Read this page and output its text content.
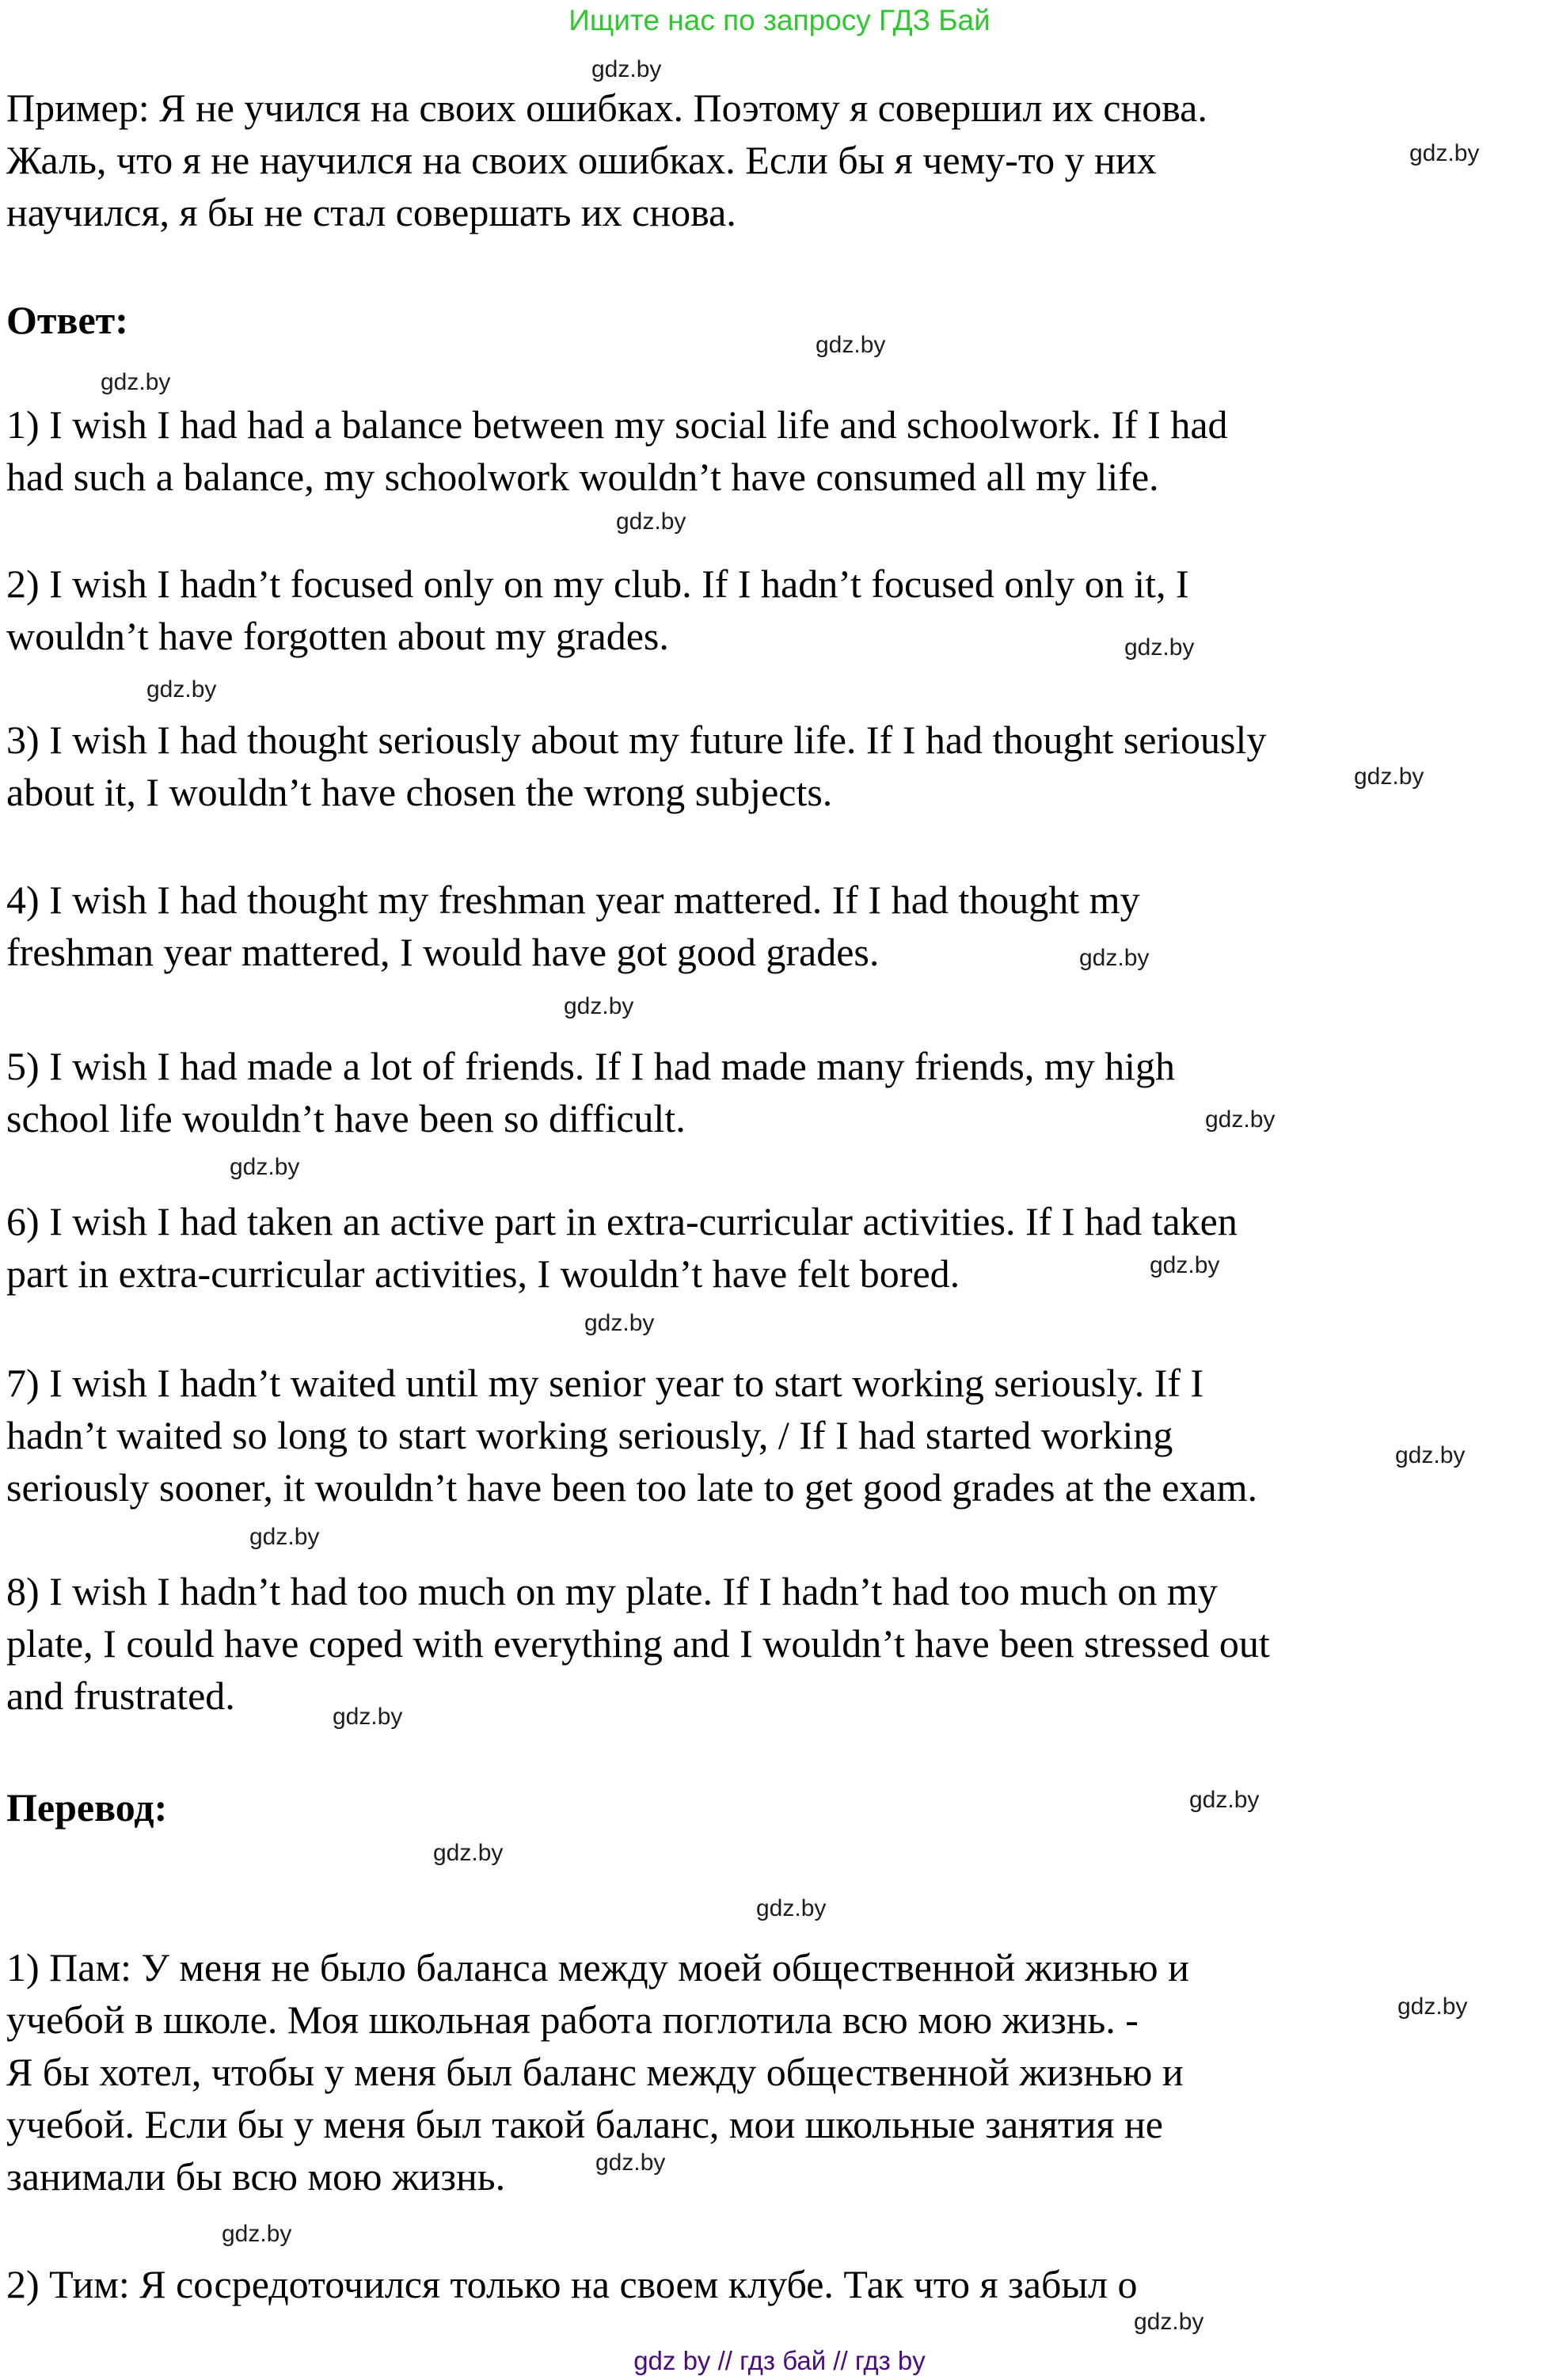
Ищите нас по запросу ГДЗ Бай
Пример: Я не учился на своих ошибках. Поэтому я совершил их снова.
Жаль, что я не научился на своих ошибках. Если бы я чему-то у них
научился, я бы не стал совершать их снова.
Ответ:
1) I wish I had had a balance between my social life and schoolwork. If I had
had such a balance, my schoolwork wouldn’t have consumed all my life.
2) I wish I hadn’t focused only on my club. If I hadn’t focused only on it, I
wouldn’t have forgotten about my grades.
3) I wish I had thought seriously about my future life. If I had thought seriously
about it, I wouldn’t have chosen the wrong subjects.
4) I wish I had thought my freshman year mattered. If I had thought my
freshman year mattered, I would have got good grades.
5) I wish I had made a lot of friends. If I had made many friends, my high
school life wouldn’t have been so difficult.
6) I wish I had taken an active part in extra-curricular activities. If I had taken
part in extra-curricular activities, I wouldn’t have felt bored.
7) I wish I hadn’t waited until my senior year to start working seriously. If I
hadn’t waited so long to start working seriously, / If I had started working
seriously sooner, it wouldn’t have been too late to get good grades at the exam.
8) I wish I hadn’t had too much on my plate. If I hadn’t had too much on my
plate, I could have coped with everything and I wouldn’t have been stressed out
and frustrated.
Перевод:
1) Пам: У меня не было баланса между моей общественной жизнью и
учебой в школе. Моя школьная работа поглотила всю мою жизнь. -
Я бы хотел, чтобы у меня был баланс между общественной жизнью и
учебой. Если бы у меня был такой баланс, мои школьные занятия не
занимали бы всю мою жизнь.
2) Тим: Я сосредоточился только на своем клубе. Так что я забыл о
gdz.by
gdz.by
gdz.by
gdz.by
gdz.by
gdz.by
gdz.by
gdz.by
gdz.by
gdz.by
gdz.by
gdz.by
gdz.by
gdz.by
gdz.by
gdz.by
gdz.by
gdz.by
gdz.by
gdz.by
gdz.by
gdz.by
gdz.by
gdz.by
gdz by // гдз бай // гдз by
